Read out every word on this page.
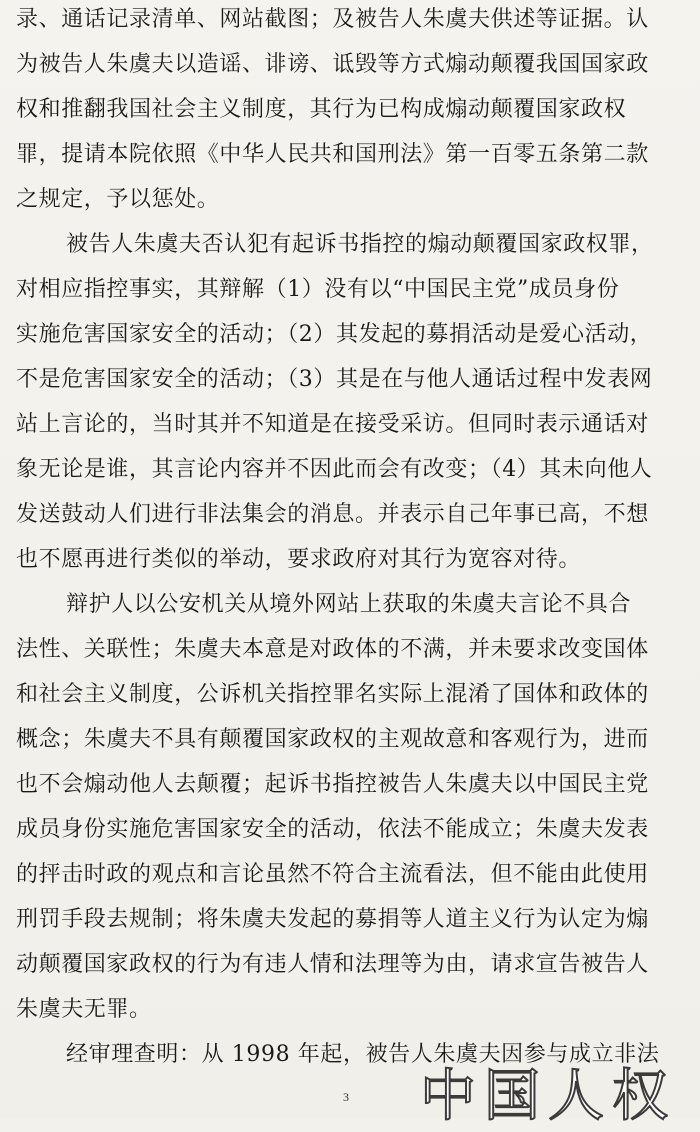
录、通话记录清单、网站截图；及被告人朱虞夫供述等证据。认
为被告人朱虞夫以造谣、诽谤、诋毁等方式煽动颠覆我国国家政
权和推翻我国社会主义制度，其行为已构成煽动颠覆国家政权
罪，提请本院依照《中华人民共和国刑法》第一百零五条第二款
之规定，予以惩处。
被告人朱虞夫否认犯有起诉书指控的煽动颠覆国家政权罪，
对相应指控事实，其辩解（1）没有以“中国民主党”成员身份
实施危害国家安全的活动；（2）其发起的募捐活动是爱心活动，
不是危害国家安全的活动；（3）其是在与他人通话过程中发表网
站上言论的，当时其并不知道是在接受采访。但同时表示通话对
象无论是谁，其言论内容并不因此而会有改变；（4）其未向他人
发送鼓动人们进行非法集会的消息。并表示自己年事已高，不想
也不愿再进行类似的举动，要求政府对其行为宽容对待。
辩护人以公安机关从境外网站上获取的朱虞夫言论不具合
法性、关联性；朱虞夫本意是对政体的不满，并未要求改变国体
和社会主义制度，公诉机关指控罪名实际上混淆了国体和政体的
概念；朱虞夫不具有颠覆国家政权的主观故意和客观行为，进而
也不会煽动他人去颠覆；起诉书指控被告人朱虞夫以中国民主党
成员身份实施危害国家安全的活动，依法不能成立；朱虞夫发表
的抨击时政的观点和言论虽然不符合主流看法，但不能由此使用
刑罚手段去规制；将朱虞夫发起的募捐等人道主义行为认定为煽
动颠覆国家政权的行为有违人情和法理等为由，请求宣告被告人
朱虞夫无罪。
经审理查明：从 1998 年起，被告人朱虞夫因参与成立非法
3 中国人权
